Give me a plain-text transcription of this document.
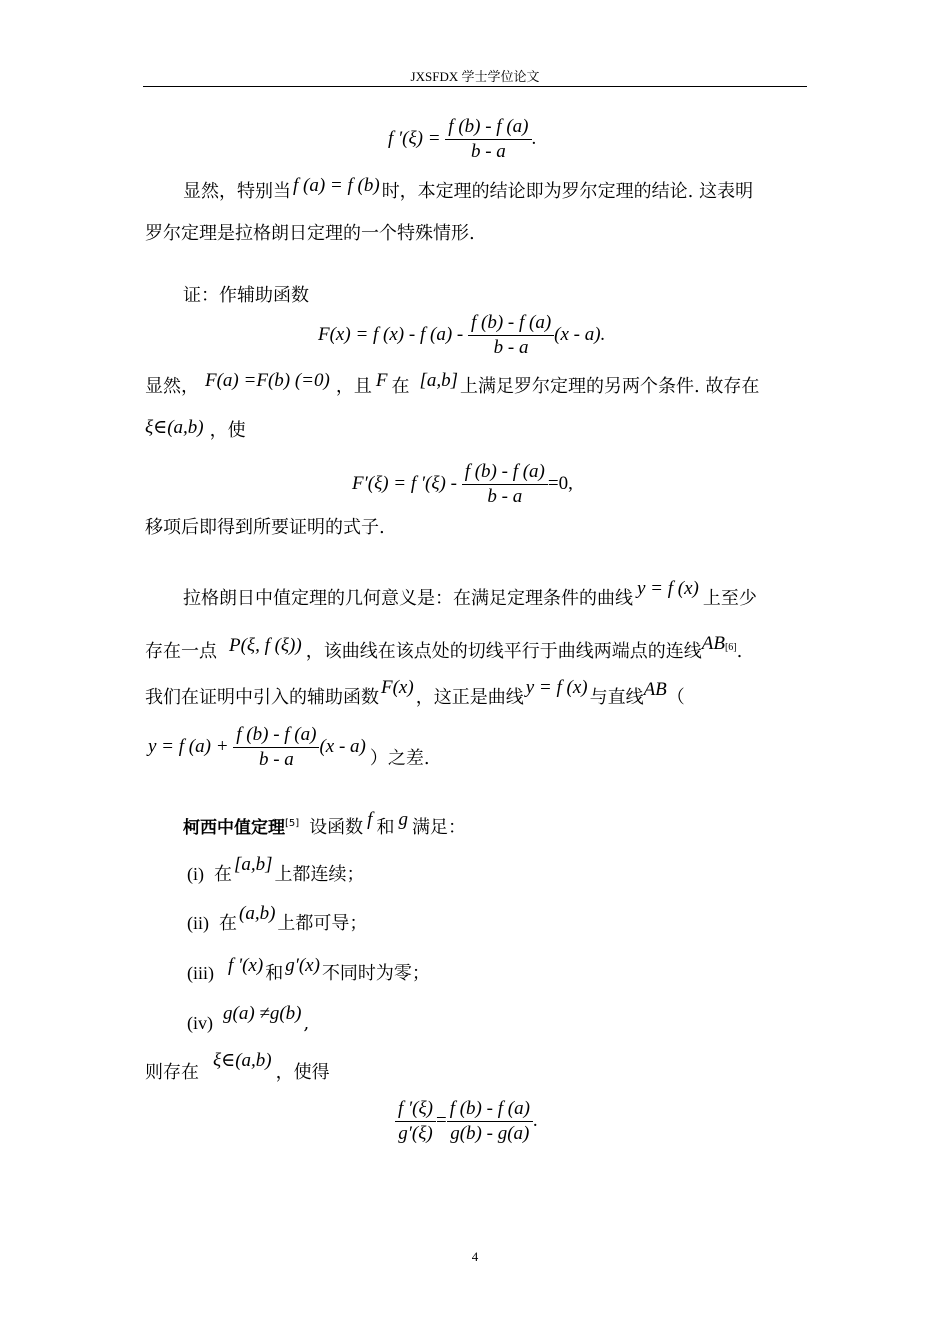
JXSFDX 学士学位论文
f $'(\xi) = \frac{f (b) - f (a)}{b - a}$ .
显然，特别当 f (a) = f (b) 时，本定理的结论即为罗尔定理的结论. 这表明
罗尔定理是拉格朗日定理的一个特殊情形.
证：作辅助函数
F(x) = f (x) - f $(a) - \frac{f (b) - f (a)}{b - a} (x - a)$.
显然， F(a) =F(b) (=0) ，且 F 在 [a,b] 上满足罗尔定理的另两个条件. 故存在
ξ∈(a,b) ，使
F′(ξ) = f $'(\xi) - \frac{f (b) - f (a)}{b - a} =0$,
移项后即得到所要证明的式子.
拉格朗日中值定理的几何意义是：在满足定理条件的曲线 y = f (x) 上至少
存在一点 P(ξ, f (ξ)) ，该曲线在该点处的切线平行于曲线两端点的连线AB[6].
我们在证明中引入的辅助函数 F(x) ，这正是曲线 y = f (x) 与直线AB（
y = f $(a) + \frac{f (b) - f (a)}{b - a} (x - a)$）之差.
柯西中值定理[5] 设函数 f 和 g 满足：
(i) 在 [a,b] 上都连续；
(ii) 在 (a,b) 上都可导；
(iii) f '(x) 和 g′(x) 不同时为零；
(iv) g(a) ≠g(b) ,
则存在ξ∈(a,b)，使得
$\frac{f '(\xi)}{g'(\xi)} = \frac{f (b) - f (a)}{g(b) - g(a)}$ .
4
